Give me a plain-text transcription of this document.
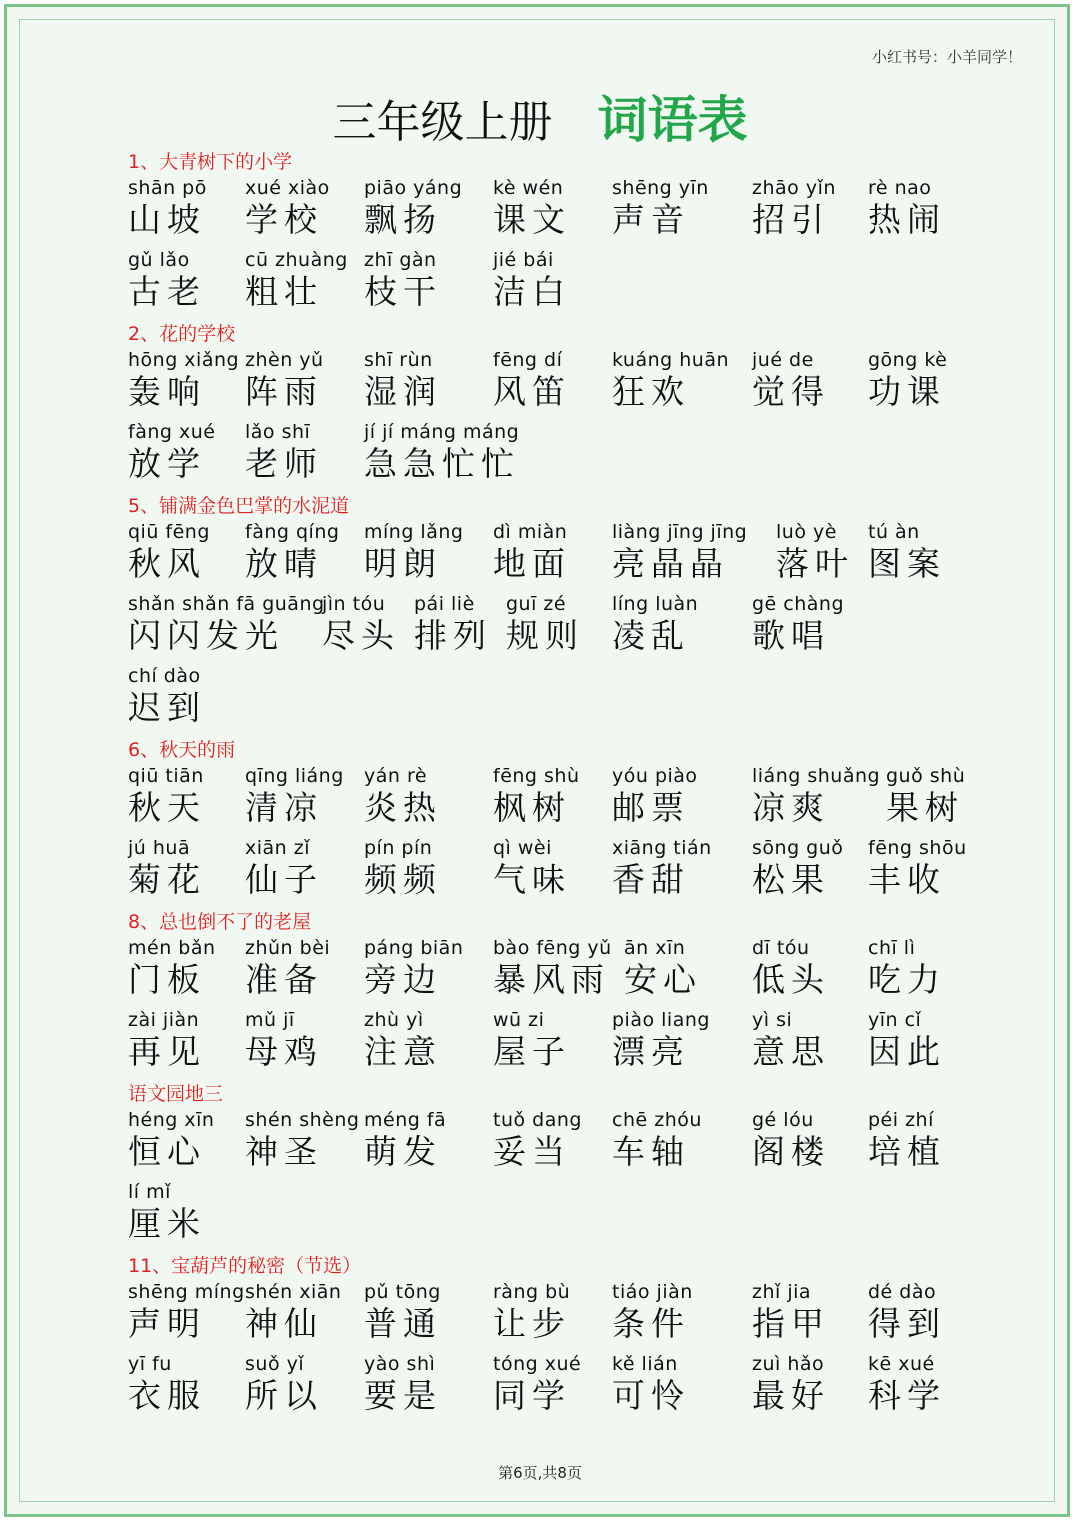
小红书号：小羊同学！
三年级上册 词语表
1、大青树下的小学
shān pō
山坡
xué xiào
学校
piāo yáng
飘扬
kè wén
课文
shēng yīn
声音
zhāo yǐn
招引
rè nao
热闹
gǔ lǎo
古老
cū zhuàng
粗壮
zhī gàn
枝干
jié bái
洁白
2、花的学校
hōng xiǎng
轰响
zhèn yǔ
阵雨
shī rùn
湿润
fēng dí
风笛
kuáng huān
狂欢
jué de
觉得
gōng kè
功课
fàng xué
放学
lǎo shī
老师
jí jí máng máng
急急忙忙
5、铺满金色巴掌的水泥道
qiū fēng
秋风
fàng qíng
放晴
míng lǎng
明朗
dì miàn
地面
liàng jīng jīng
亮晶晶
luò yè
落叶
tú àn
图案
shǎn shǎn fā guāng
闪闪发光
jìn tóu
尽头
pái liè
排列
guī zé
规则
líng luàn
凌乱
gē chàng
歌唱
chí dào
迟到
6、秋天的雨
qiū tiān
秋天
qīng liáng
清凉
yán rè
炎热
fēng shù
枫树
yóu piào
邮票
liáng shuǎng
凉爽
guǒ shù
果树
jú huā
菊花
xiān zǐ
仙子
pín pín
频频
qì wèi
气味
xiāng tián
香甜
sōng guǒ
松果
fēng shōu
丰收
8、总也倒不了的老屋
mén bǎn
门板
zhǔn bèi
准备
páng biān
旁边
bào fēng yǔ
暴风雨
ān xīn
安心
dī tóu
低头
chī lì
吃力
zài jiàn
再见
mǔ jī
母鸡
zhù yì
注意
wū zi
屋子
piào liang
漂亮
yì si
意思
yīn cǐ
因此
语文园地三
héng xīn
恒心
shén shèng
神圣
méng fā
萌发
tuǒ dang
妥当
chē zhóu
车轴
gé lóu
阁楼
péi zhí
培植
lí mǐ
厘米
11、宝葫芦的秘密（节选）
shēng míng
声明
shén xiān
神仙
pǔ tōng
普通
ràng bù
让步
tiáo jiàn
条件
zhǐ jia
指甲
dé dào
得到
yī fu
衣服
suǒ yǐ
所以
yào shì
要是
tóng xué
同学
kě lián
可怜
zuì hǎo
最好
kē xué
科学
第6页,共8页
